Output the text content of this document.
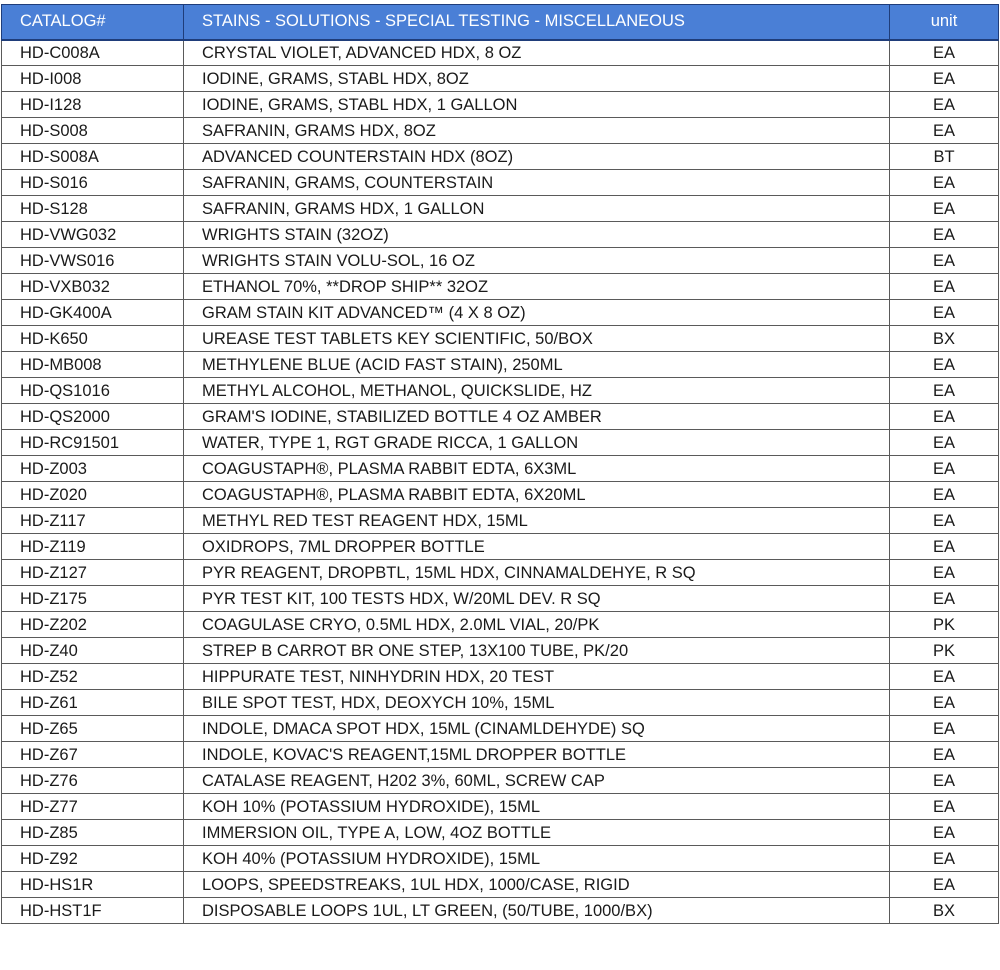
CATALOG#	STAINS - SOLUTIONS - SPECIAL TESTING - MISCELLANEOUS	unit
HD-C008A	CRYSTAL VIOLET, ADVANCED HDX, 8 OZ	EA
HD-I008	IODINE, GRAMS, STABL HDX, 8OZ	EA
HD-I128	IODINE, GRAMS, STABL HDX, 1 GALLON	EA
HD-S008	SAFRANIN, GRAMS HDX, 8OZ	EA
HD-S008A	ADVANCED COUNTERSTAIN HDX (8OZ)	BT
HD-S016	SAFRANIN, GRAMS, COUNTERSTAIN	EA
HD-S128	SAFRANIN, GRAMS HDX, 1 GALLON	EA
HD-VWG032	WRIGHTS STAIN (32OZ)	EA
HD-VWS016	WRIGHTS STAIN VOLU-SOL, 16 OZ	EA
HD-VXB032	ETHANOL 70%, **DROP SHIP** 32OZ	EA
HD-GK400A	GRAM STAIN KIT ADVANCED™ (4 X 8 OZ)	EA
HD-K650	UREASE TEST TABLETS KEY SCIENTIFIC, 50/BOX	BX
HD-MB008	METHYLENE BLUE (ACID FAST STAIN), 250ML	EA
HD-QS1016	METHYL ALCOHOL, METHANOL, QUICKSLIDE, HZ	EA
HD-QS2000	GRAM'S IODINE, STABILIZED BOTTLE 4 OZ AMBER	EA
HD-RC91501	WATER, TYPE 1, RGT GRADE RICCA, 1 GALLON	EA
HD-Z003	COAGUSTAPH®, PLASMA RABBIT EDTA, 6X3ML	EA
HD-Z020	COAGUSTAPH®, PLASMA RABBIT EDTA, 6X20ML	EA
HD-Z117	METHYL RED TEST REAGENT HDX, 15ML	EA
HD-Z119	OXIDROPS, 7ML DROPPER BOTTLE	EA
HD-Z127	PYR REAGENT, DROPBTL, 15ML HDX, CINNAMALDEHYE, R SQ	EA
HD-Z175	PYR TEST KIT, 100 TESTS HDX, W/20ML DEV. R SQ	EA
HD-Z202	COAGULASE CRYO, 0.5ML HDX, 2.0ML VIAL, 20/PK	PK
HD-Z40	STREP B CARROT BR ONE STEP, 13X100 TUBE, PK/20	PK
HD-Z52	HIPPURATE TEST, NINHYDRIN HDX, 20 TEST	EA
HD-Z61	BILE SPOT TEST, HDX, DEOXYCH 10%, 15ML	EA
HD-Z65	INDOLE, DMACA SPOT HDX, 15ML (CINAMLDEHYDE) SQ	EA
HD-Z67	INDOLE, KOVAC'S REAGENT,15ML DROPPER BOTTLE	EA
HD-Z76	CATALASE REAGENT, H202 3%, 60ML, SCREW CAP	EA
HD-Z77	KOH 10% (POTASSIUM HYDROXIDE), 15ML	EA
HD-Z85	IMMERSION OIL, TYPE A, LOW, 4OZ BOTTLE	EA
HD-Z92	KOH 40% (POTASSIUM HYDROXIDE), 15ML	EA
HD-HS1R	LOOPS, SPEEDSTREAKS, 1UL HDX, 1000/CASE, RIGID	EA
HD-HST1F	DISPOSABLE LOOPS 1UL, LT GREEN, (50/TUBE, 1000/BX)	BX
